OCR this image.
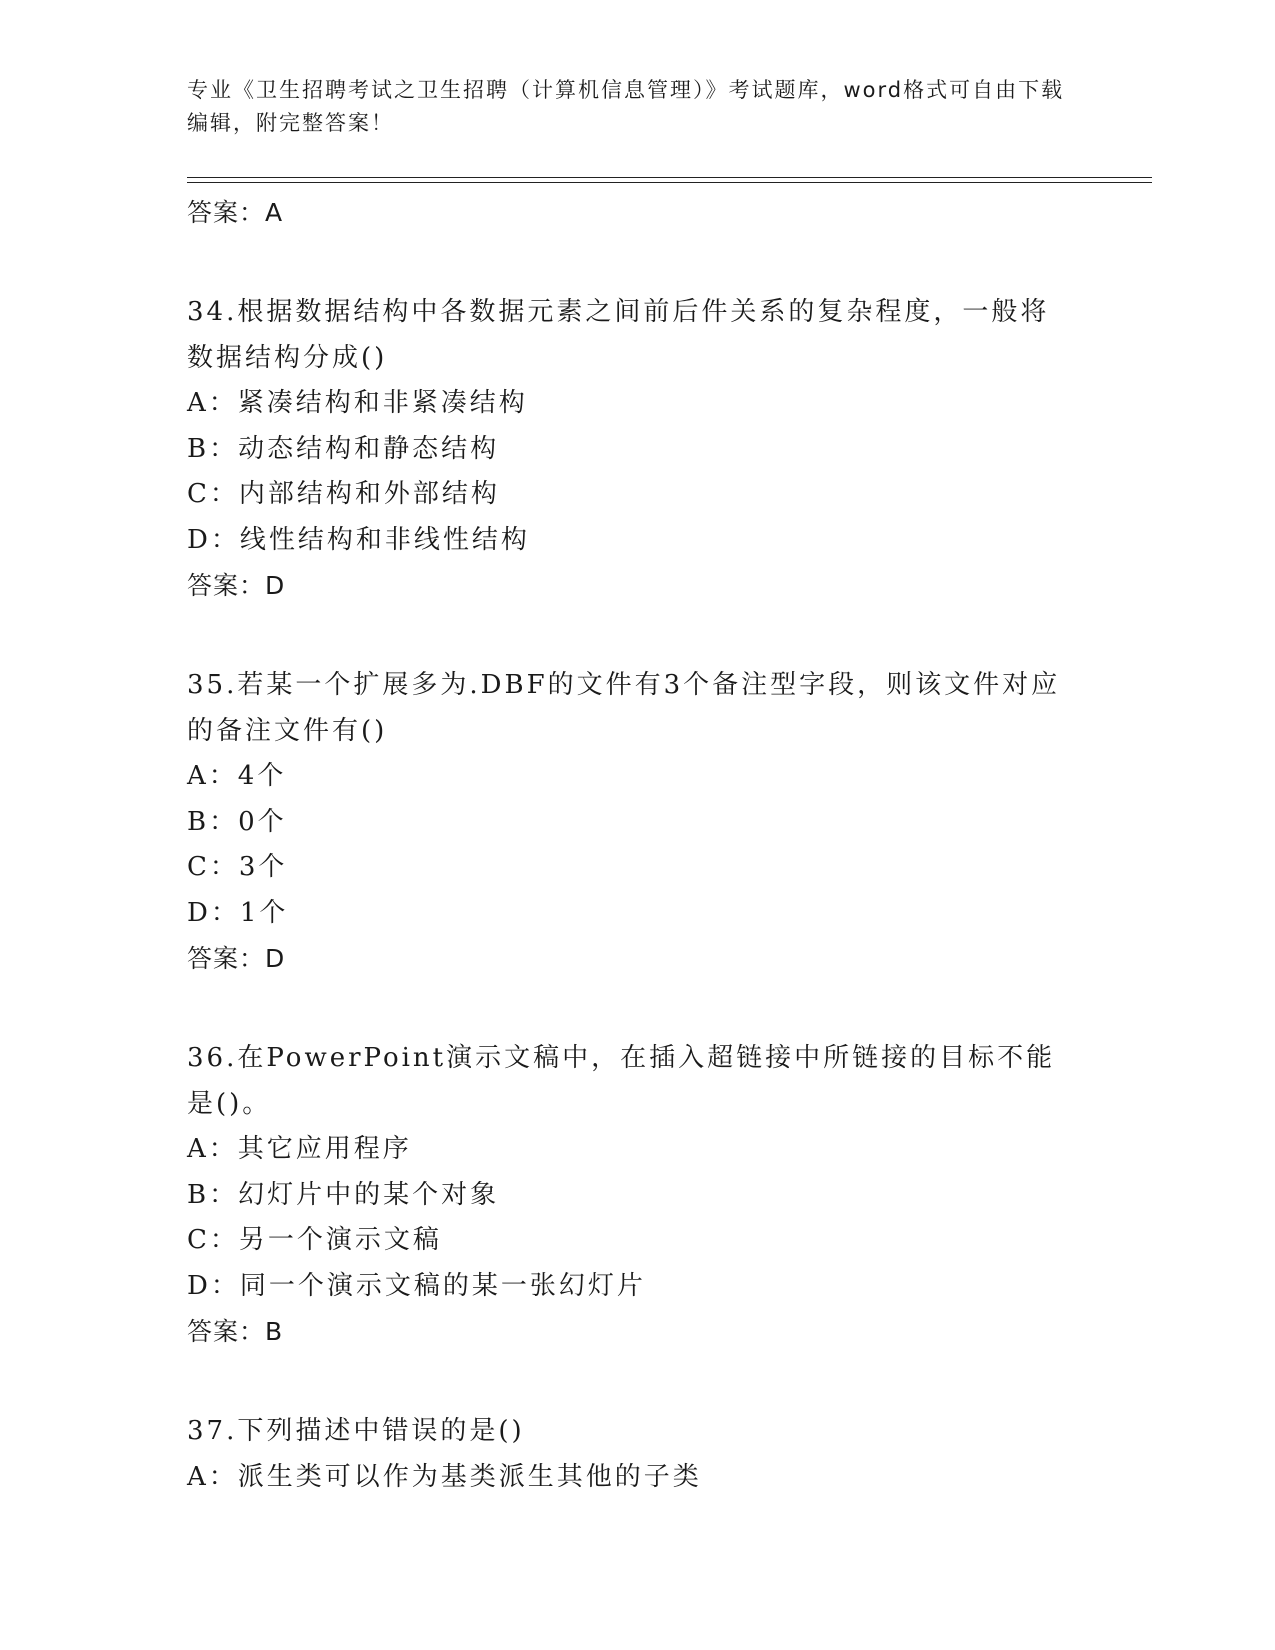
专业《卫生招聘考试之卫生招聘（计算机信息管理）》考试题库，word格式可自由下载编辑，附完整答案！
答案：A
34.根据数据结构中各数据元素之间前后件关系的复杂程度，一般将数据结构分成()
A：紧凑结构和非紧凑结构
B：动态结构和静态结构
C：内部结构和外部结构
D：线性结构和非线性结构
答案：D
35.若某一个扩展多为.DBF的文件有3个备注型字段，则该文件对应的备注文件有()
A：4个
B：0个
C：3个
D：1个
答案：D
36.在PowerPoint演示文稿中，在插入超链接中所链接的目标不能是()。
A：其它应用程序
B：幻灯片中的某个对象
C：另一个演示文稿
D：同一个演示文稿的某一张幻灯片
答案：B
37.下列描述中错误的是()
A：派生类可以作为基类派生其他的子类
